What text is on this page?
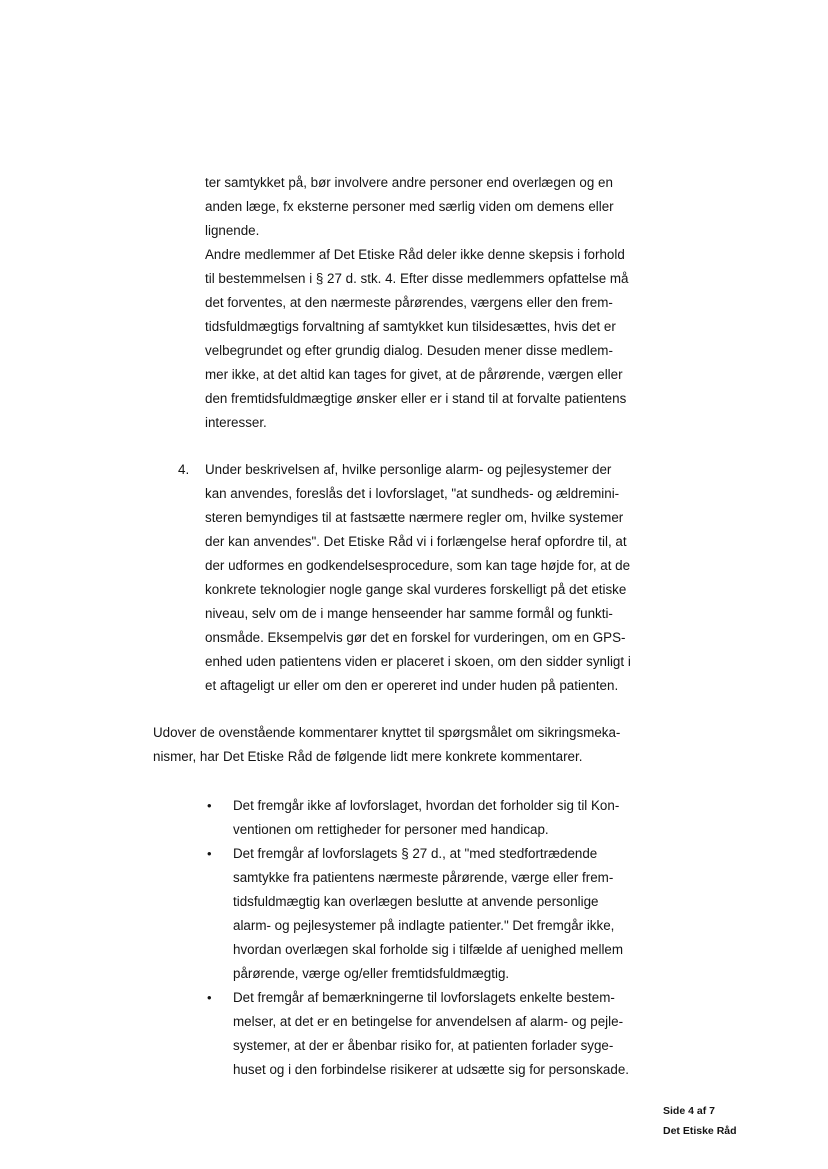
ter samtykket på, bør involvere andre personer end overlægen og en
anden læge, fx eksterne personer med særlig viden om demens eller
lignende.
Andre medlemmer af Det Etiske Råd deler ikke denne skepsis i forhold
til bestemmelsen i § 27 d. stk. 4. Efter disse medlemmers opfattelse må
det forventes, at den nærmeste pårørendes, værgens eller den frem-
tidsfuldmægtigs forvaltning af samtykket kun tilsidesættes, hvis det er
velbegrundet og efter grundig dialog. Desuden mener disse medlem-
mer ikke, at det altid kan tages for givet, at de pårørende, værgen eller
den fremtidsfuldmægtige ønsker eller er i stand til at forvalte patientens
interesser.
4. Under beskrivelsen af, hvilke personlige alarm- og pejlesystemer der
kan anvendes, foreslås det i lovforslaget, "at sundheds- og ældremini-
steren bemyndiges til at fastsætte nærmere regler om, hvilke systemer
der kan anvendes". Det Etiske Råd vi i forlængelse heraf opfordre til, at
der udformes en godkendelsesprocedure, som kan tage højde for, at de
konkrete teknologier nogle gange skal vurderes forskelligt på det etiske
niveau, selv om de i mange henseender har samme formål og funkti-
onsmåde. Eksempelvis gør det en forskel for vurderingen, om en GPS-
enhed uden patientens viden er placeret i skoen, om den sidder synligt i
et aftageligt ur eller om den er opereret ind under huden på patienten.
Udover de ovenstående kommentarer knyttet til spørgsmålet om sikringsmeka-
nismer, har Det Etiske Råd de følgende lidt mere konkrete kommentarer.
• Det fremgår ikke af lovforslaget, hvordan det forholder sig til Kon-
ventionen om rettigheder for personer med handicap.
• Det fremgår af lovforslagets § 27 d., at "med stedfortrædende
samtykke fra patientens nærmeste pårørende, værge eller frem-
tidsfuldmægtig kan overlægen beslutte at anvende personlige
alarm- og pejlesystemer på indlagte patienter." Det fremgår ikke,
hvordan overlægen skal forholde sig i tilfælde af uenighed mellem
pårørende, værge og/eller fremtidsfuldmægtig.
• Det fremgår af bemærkningerne til lovforslagets enkelte bestem-
melser, at det er en betingelse for anvendelsen af alarm- og pejle-
systemer, at der er åbenbar risiko for, at patienten forlader syge-
huset og i den forbindelse risikerer at udsætte sig for personskade.
Side 4 af 7
Det Etiske Råd
